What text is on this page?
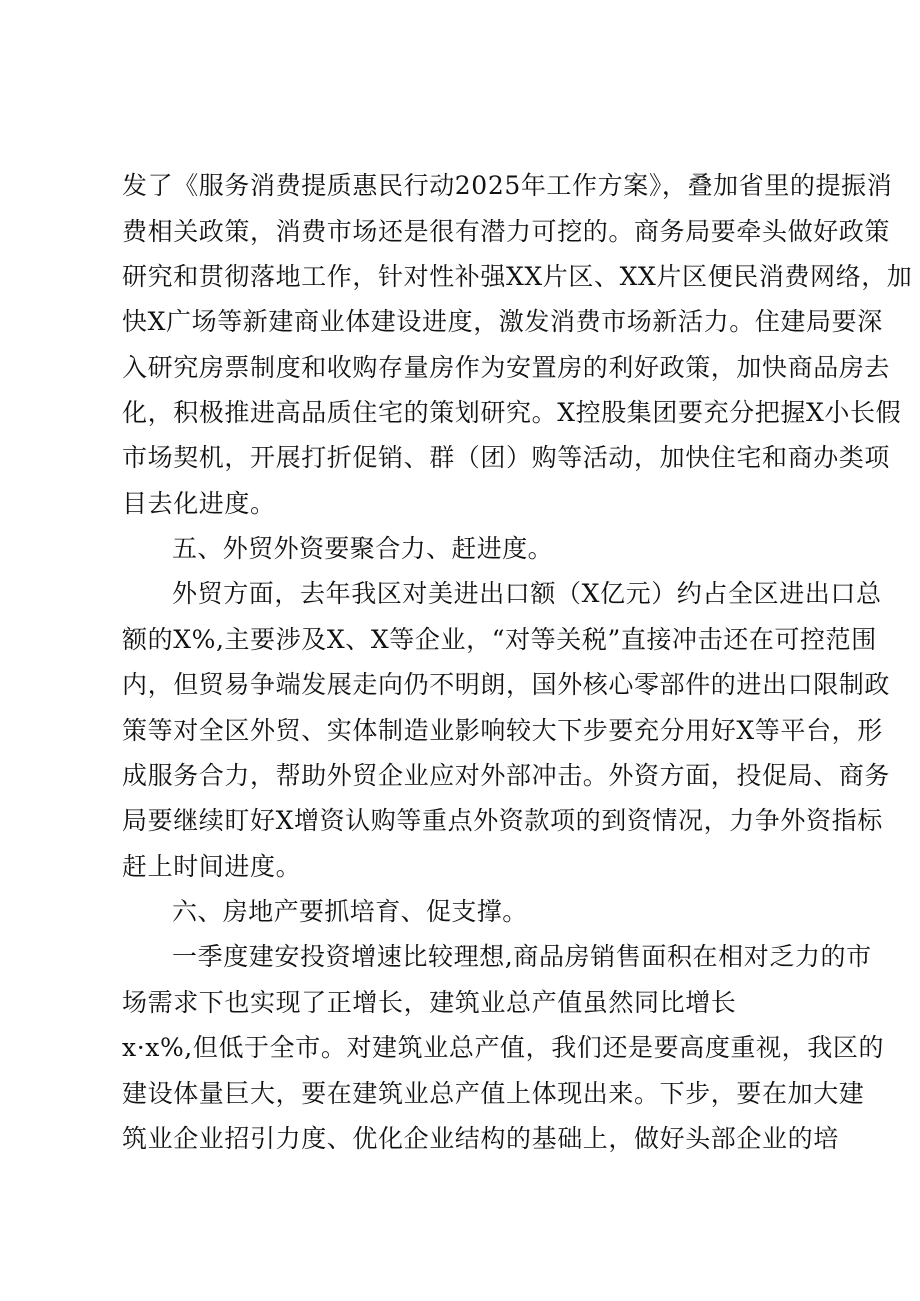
发了《服务消费提质惠民行动2025年工作方案》，叠加省里的提振消
费相关政策，消费市场还是很有潜力可挖的。商务局要牵头做好政策
研究和贯彻落地工作，针对性补强XX片区、XX片区便民消费网络，加
快X广场等新建商业体建设进度，激发消费市场新活力。住建局要深
入研究房票制度和收购存量房作为安置房的利好政策，加快商品房去
化，积极推进高品质住宅的策划研究。X控股集团要充分把握X小长假
市场契机，开展打折促销、群（团）购等活动，加快住宅和商办类项
目去化进度。
五、外贸外资要聚合力、赶进度。
外贸方面，去年我区对美进出口额（X亿元）约占全区进出口总
额的X%,主要涉及X、X等企业，“对等关税”直接冲击还在可控范围
内，但贸易争端发展走向仍不明朗，国外核心零部件的进出口限制政
策等对全区外贸、实体制造业影响较大下步要充分用好X等平台，形
成服务合力，帮助外贸企业应对外部冲击。外资方面，投促局、商务
局要继续盯好X增资认购等重点外资款项的到资情况，力争外资指标
赶上时间进度。
六、房地产要抓培育、促支撑。
一季度建安投资增速比较理想,商品房销售面积在相对乏力的市
场需求下也实现了正增长，建筑业总产值虽然同比增长
x·x%,但低于全市。对建筑业总产值，我们还是要高度重视，我区的
建设体量巨大，要在建筑业总产值上体现出来。下步，要在加大建
筑业企业招引力度、优化企业结构的基础上，做好头部企业的培
